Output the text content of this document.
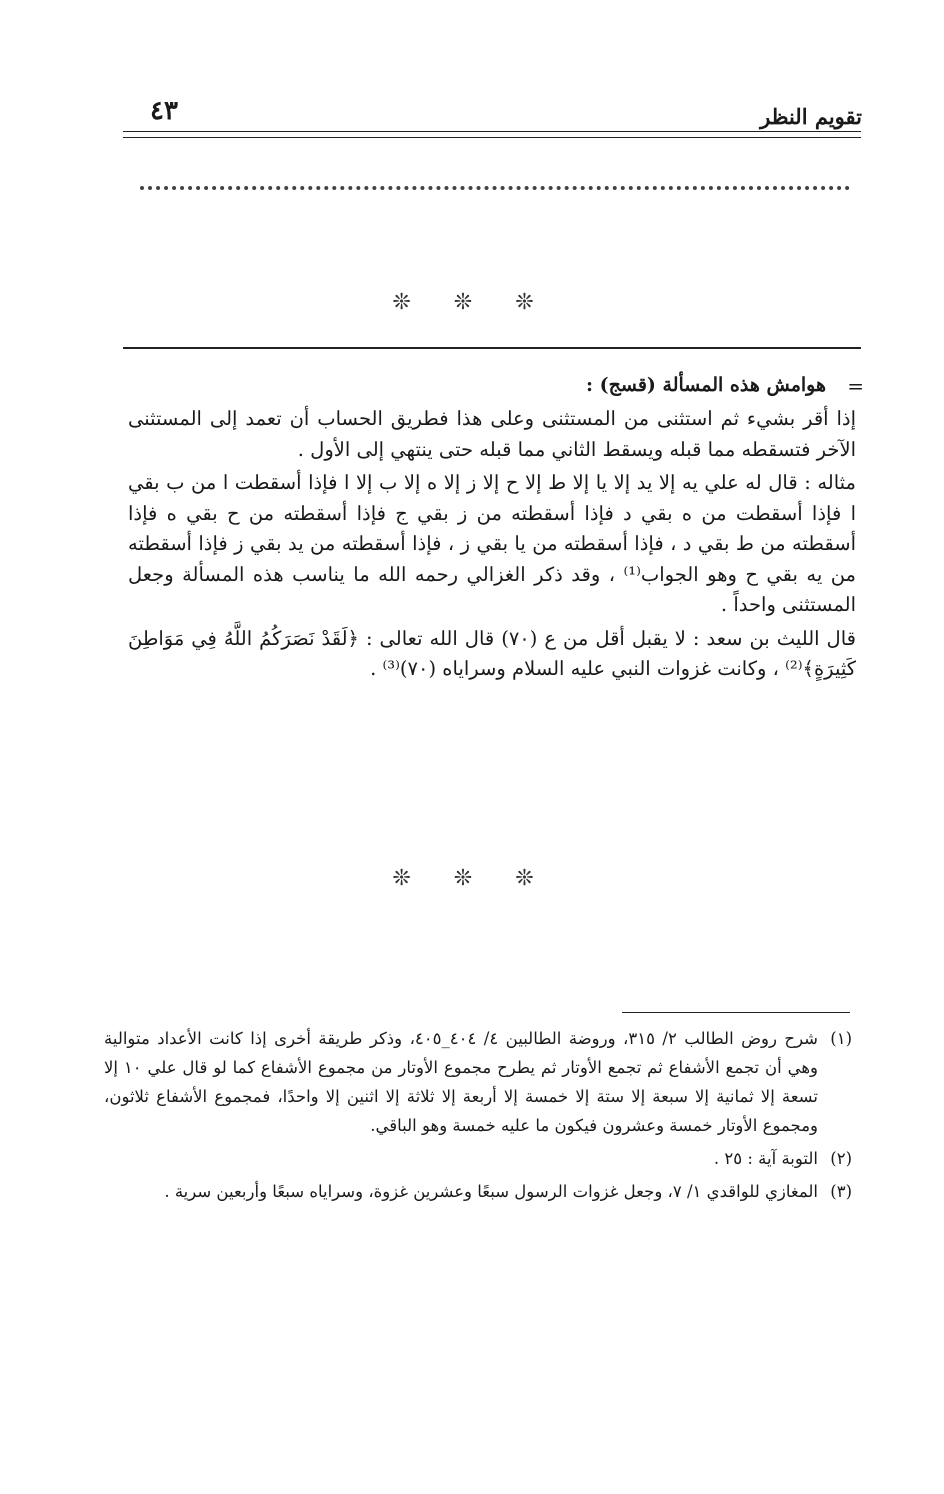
تقويم النظر
٤٣
❊ ❊ ❊
=
هوامش هذه المسألة (قسج) :

إذا أقر بشيء ثم استثنى من المستثنى وعلى هذا فطريق الحساب أن تعمد إلى المستثنى الآخر فتسقطه مما قبله ويسقط الثاني مما قبله حتى ينتهي إلى الأول .

مثاله : قال له علي يه إلا يد إلا يا إلا ط إلا ح إلا ز إلا ه إلا ب إلا ا فإذا أسقطت ا من ب بقي ا فإذا أسقطت من ه بقي د فإذا أسقطته من ز بقي ج فإذا أسقطته من ح بقي ه فإذا أسقطته من ط بقي د ، فإذا أسقطته من يا بقي ز ، فإذا أسقطته من يد بقي ز فإذا أسقطته من يه بقي ح وهو الجواب⁽¹⁾ ، وقد ذكر الغزالي رحمه الله ما يناسب هذه المسألة وجعل المستثنى واحداً .

قال الليث بن سعد : لا يقبل أقل من ع (٧٠) قال الله تعالى : ﴿لَقَدْ نَصَرَكُمُ اللَّهُ فِي مَوَاطِنَ كَثِيرَةٍ﴾⁽²⁾ ، وكانت غزوات النبي عليه السلام وسراياه (٧٠)⁽³⁾ .

❊ ❊ ❊
(١)
شرح روض الطالب ٢/ ٣١٥، وروضة الطالبين ٤/ ٤٠٤_٤٠٥، وذكر طريقة أخرى إذا كانت الأعداد متوالية وهي أن تجمع الأشفاع ثم تجمع الأوتار ثم يطرح مجموع الأوتار من مجموع الأشفاع كما لو قال علي ١٠ إلا تسعة إلا ثمانية إلا سبعة إلا ستة إلا خمسة إلا أربعة إلا ثلاثة إلا اثنين إلا واحدًا، فمجموع الأشفاع ثلاثون، ومجموع الأوتار خمسة وعشرون فيكون ما عليه خمسة وهو الباقي.
(٢)
التوبة آية : ٢٥ .
(٣)
المغازي للواقدي ١/ ٧، وجعل غزوات الرسول سبعًا وعشرين غزوة، وسراياه سبعًا وأربعين سرية .
